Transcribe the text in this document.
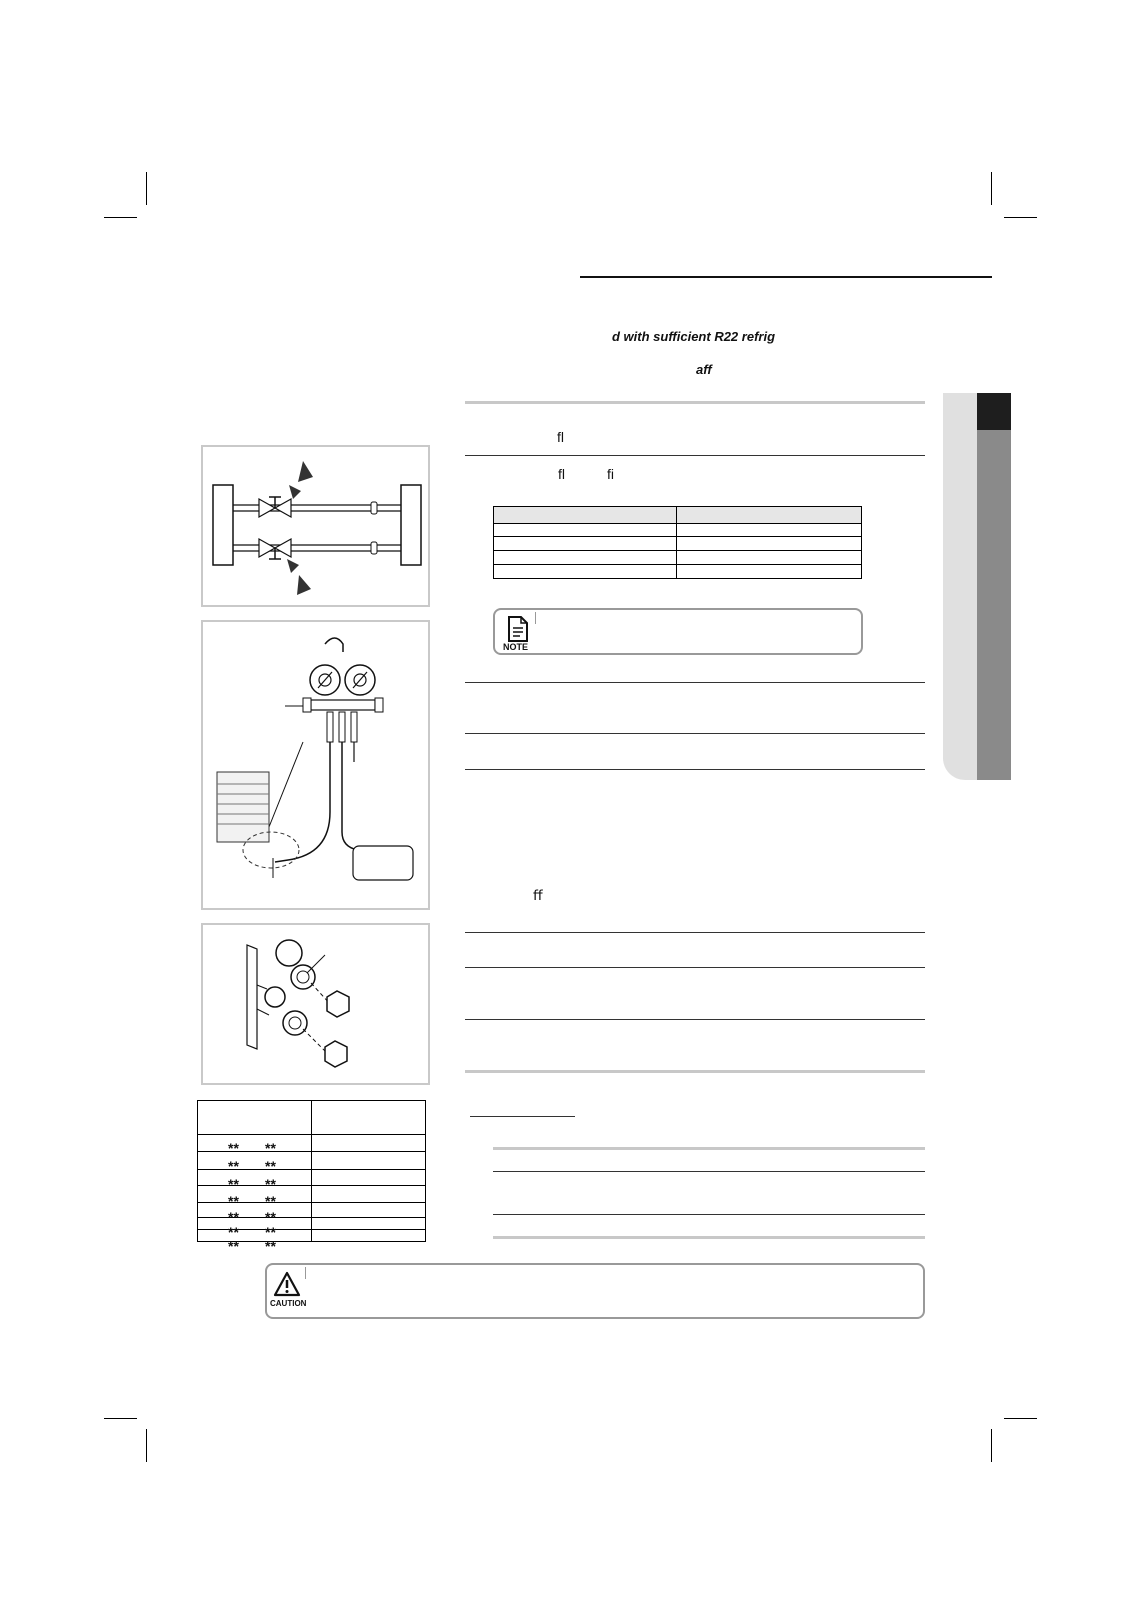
d with sufficient R22 refrig
aff
ﬂ
ﬂ	ﬁ

NOTE
ﬀ

** **
** **
** **
** **
** **
** **
** **
CAUTION
